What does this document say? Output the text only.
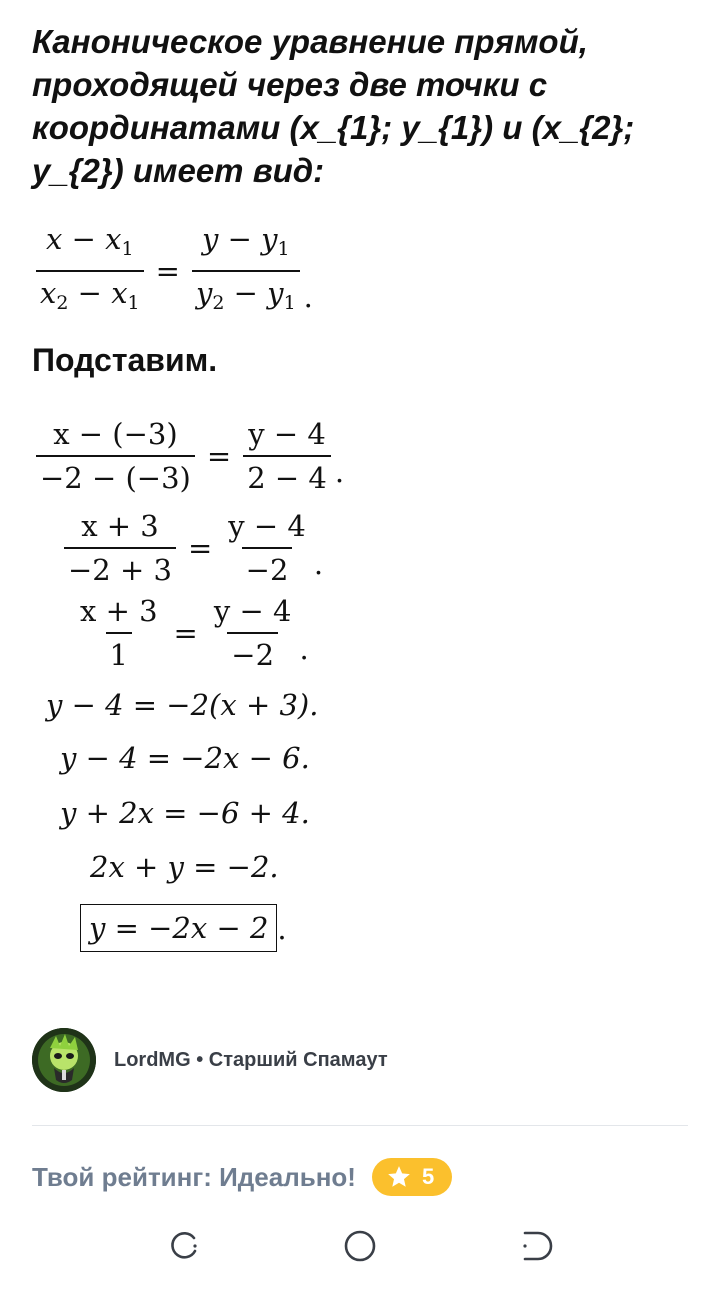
Каноническое уравнение прямой, проходящей через две точки с координатами (x_{1}; y_{1}) и (x_{2}; y_{2}) имеет вид:
$\frac{x - x_1}{x_2 - x_1} = \frac{y - y_1}{y_2 - y_1}$ .
Подставим.
$\frac{x - (-3)}{-2 - (-3)} = \frac{y - 4}{2 - 4}$ .
$\frac{x + 3}{-2 + 3} = \frac{y - 4}{-2}$ .
$\frac{x + 3}{1} = \frac{y - 4}{-2}$ .
y − 4 = −2(x + 3).
y − 4 = −2x − 6.
y + 2x = −6 + 4.
2x + y = −2.
y = −2x − 2 .
LordMG • Старший Спамаут
Твой рейтинг: Идеально!	5
